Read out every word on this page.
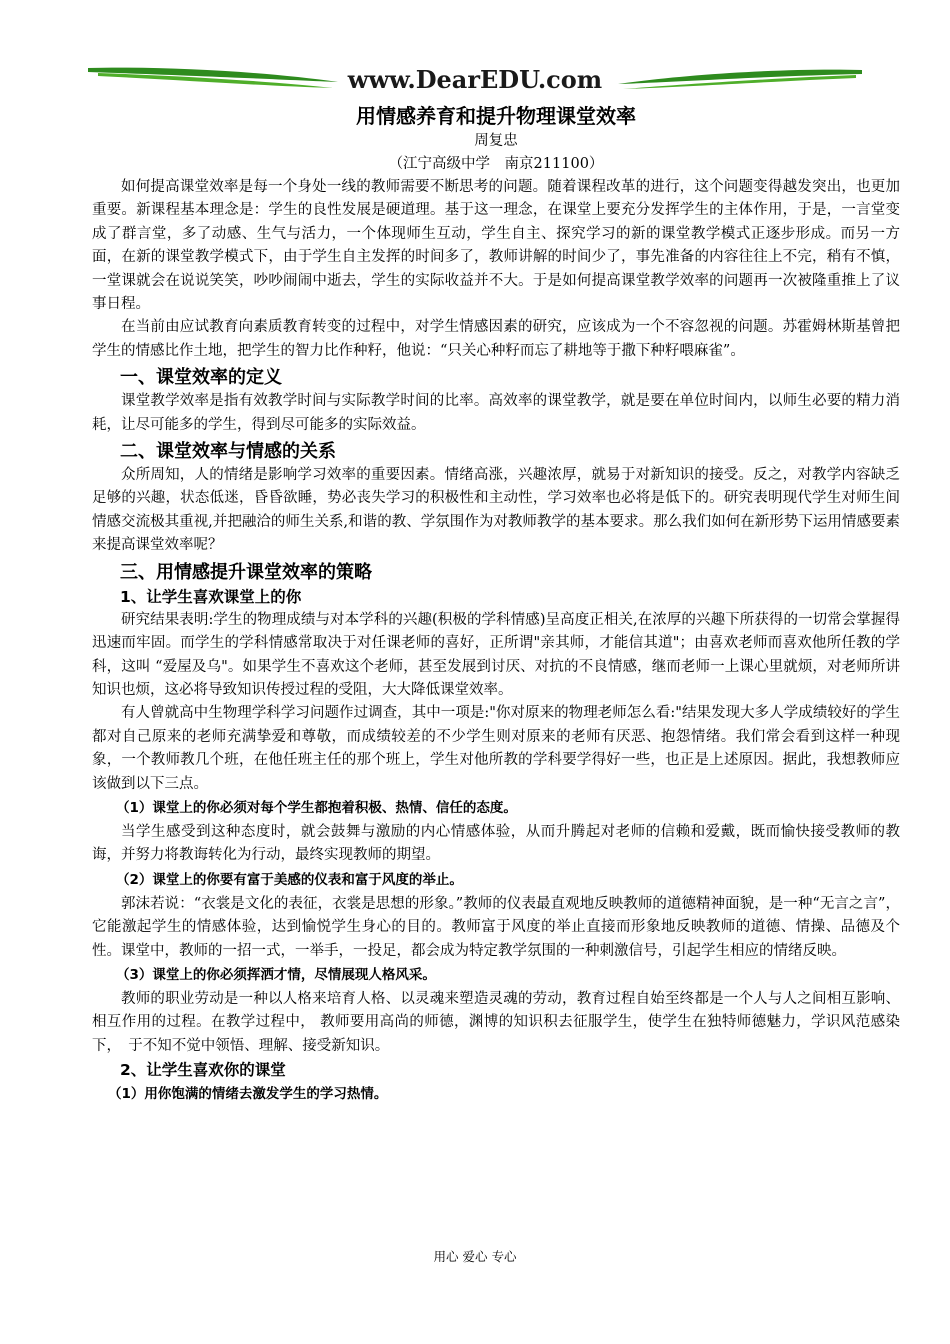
www.DearEDU.com
用情感养育和提升物理课堂效率

周复忠

（江宁高级中学　南京211100）

如何提高课堂效率是每一个身处一线的教师需要不断思考的问题。随着课程改革的进行，这个问题变得越发突出，也更加重要。新课程基本理念是：学生的良性发展是硬道理。基于这一理念，在课堂上要充分发挥学生的主体作用，于是，一言堂变成了群言堂，多了动感、生气与活力，一个体现师生互动，学生自主、探究学习的新的课堂教学模式正逐步形成。而另一方面，在新的课堂教学模式下，由于学生自主发挥的时间多了，教师讲解的时间少了，事先准备的内容往往上不完，稍有不慎，一堂课就会在说说笑笑，吵吵闹闹中逝去，学生的实际收益并不大。于是如何提高课堂教学效率的问题再一次被隆重推上了议事日程。

在当前由应试教育向素质教育转变的过程中，对学生情感因素的研究，应该成为一个不容忽视的问题。苏霍姆林斯基曾把学生的情感比作土地，把学生的智力比作种籽，他说：“只关心种籽而忘了耕地等于撒下种籽喂麻雀”。

一、课堂效率的定义

课堂教学效率是指有效教学时间与实际教学时间的比率。高效率的课堂教学，就是要在单位时间内，以师生必要的精力消耗，让尽可能多的学生，得到尽可能多的实际效益。

二、课堂效率与情感的关系

众所周知，人的情绪是影响学习效率的重要因素。情绪高涨，兴趣浓厚，就易于对新知识的接受。反之，对教学内容缺乏足够的兴趣，状态低迷，昏昏欲睡，势必丧失学习的积极性和主动性，学习效率也必将是低下的。研究表明现代学生对师生间情感交流极其重视,并把融洽的师生关系,和谐的教、学氛围作为对教师教学的基本要求。那么我们如何在新形势下运用情感要素来提高课堂效率呢？

三、用情感提升课堂效率的策略
1、让学生喜欢课堂上的你

研究结果表明:学生的物理成绩与对本学科的兴趣(积极的学科情感)呈高度正相关,在浓厚的兴趣下所获得的一切常会掌握得迅速而牢固。而学生的学科情感常取决于对任课老师的喜好，正所谓"亲其师，才能信其道"；由喜欢老师而喜欢他所任教的学科，这叫 “爱屋及乌"。如果学生不喜欢这个老师，甚至发展到讨厌、对抗的不良情感，继而老师一上课心里就烦，对老师所讲知识也烦，这必将导致知识传授过程的受阻，大大降低课堂效率。

有人曾就高中生物理学科学习问题作过调查，其中一项是:"你对原来的物理老师怎么看:"结果发现大多人学成绩较好的学生都对自己原来的老师充满挚爱和尊敬，而成绩较差的不少学生则对原来的老师有厌恶、抱怨情绪。我们常会看到这样一种现象，一个教师教几个班，在他任班主任的那个班上，学生对他所教的学科要学得好一些，也正是上述原因。据此，我想教师应该做到以下三点。

（1）课堂上的你必须对每个学生都抱着积极、热情、信任的态度。

当学生感受到这种态度时，就会鼓舞与激励的内心情感体验，从而升腾起对老师的信赖和爱戴，既而愉快接受教师的教诲，并努力将教诲转化为行动，最终实现教师的期望。

（2）课堂上的你要有富于美感的仪表和富于风度的举止。

郭沫若说：“衣裳是文化的表征，衣裳是思想的形象。”教师的仪表最直观地反映教师的道德精神面貌，是一种“无言之言”，它能激起学生的情感体验，达到愉悦学生身心的目的。教师富于风度的举止直接而形象地反映教师的道德、情操、品德及个性。课堂中，教师的一招一式，一举手，一投足，都会成为特定教学氛围的一种刺激信号，引起学生相应的情绪反映。

（3）课堂上的你必须挥洒才情，尽情展现人格风采。

教师的职业劳动是一种以人格来培育人格、以灵魂来塑造灵魂的劳动，教育过程自始至终都是一个人与人之间相互影响、相互作用的过程。在教学过程中， 教师要用高尚的师德，渊博的知识积去征服学生，使学生在独特师德魅力，学识风范感染下，　于不知不觉中领悟、理解、接受新知识。

2、让学生喜欢你的课堂
（1）用你饱满的情绪去激发学生的学习热情。
用心 爱心 专心
